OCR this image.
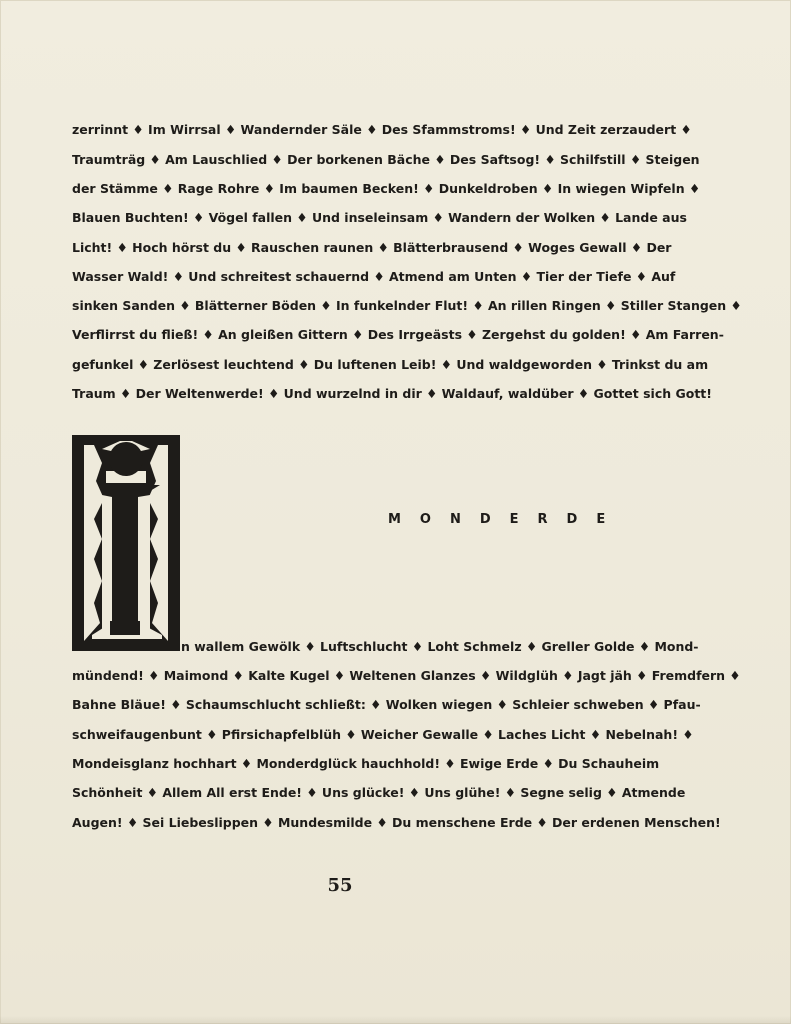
zerrinnt ♦ Im Wirrsal ♦ Wandernder Säle ♦ Des Sfammstroms! ♦ Und Zeit zerzaudert ♦
Traumträg ♦ Am Lauschlied ♦ Der borkenen Bäche ♦ Des Saftsog! ♦ Schilfstill ♦ Steigen
der Stämme ♦ Rage Rohre ♦ Im baumen Becken! ♦ Dunkeldroben ♦ In wiegen Wipfeln ♦
Blauen Buchten! ♦ Vögel fallen ♦ Und inseleinsam ♦ Wandern der Wolken ♦ Lande aus
Licht! ♦ Hoch hörst du ♦ Rauschen raunen ♦ Blätterbrausend ♦ Woges Gewall ♦ Der
Wasser Wald! ♦ Und schreitest schauernd ♦ Atmend am Unten ♦ Tier der Tiefe ♦ Auf
sinken Sanden ♦ Blätterner Böden ♦ In funkelnder Flut! ♦ An rillen Ringen ♦ Stiller Stangen ♦
Verflirrst du fließ! ♦ An gleißen Gittern ♦ Des Irrgeästs ♦ Zergehst du golden! ♦ Am Farren-
gefunkel ♦ Zerlösest leuchtend ♦ Du luftenen Leib! ♦ Und waldgeworden ♦ Trinkst du am
Traum ♦ Der Weltenwerde! ♦ Und wurzelnd in dir ♦ Waldauf, waldüber ♦ Gottet sich Gott!
MONDERDE
n wallem Gewölk ♦ Luftschlucht ♦ Loht Schmelz ♦ Greller Golde ♦ Mond-
mündend! ♦ Maimond ♦ Kalte Kugel ♦ Weltenen Glanzes ♦ Wildglüh ♦ Jagt jäh ♦ Fremdfern ♦
Bahne Bläue! ♦ Schaumschlucht schließt: ♦ Wolken wiegen ♦ Schleier schweben ♦ Pfau-
schweifaugenbunt ♦ Pfirsichapfelblüh ♦ Weicher Gewalle ♦ Laches Licht ♦ Nebelnah! ♦
Mondeisglanz hochhart ♦ Monderdglück hauchhold! ♦ Ewige Erde ♦ Du Schauheim
Schönheit ♦ Allem All erst Ende! ♦ Uns glücke! ♦ Uns glühe! ♦ Segne selig ♦ Atmende
Augen! ♦ Sei Liebeslippen ♦ Mundesmilde ♦ Du menschene Erde ♦ Der erdenen Menschen!
55
